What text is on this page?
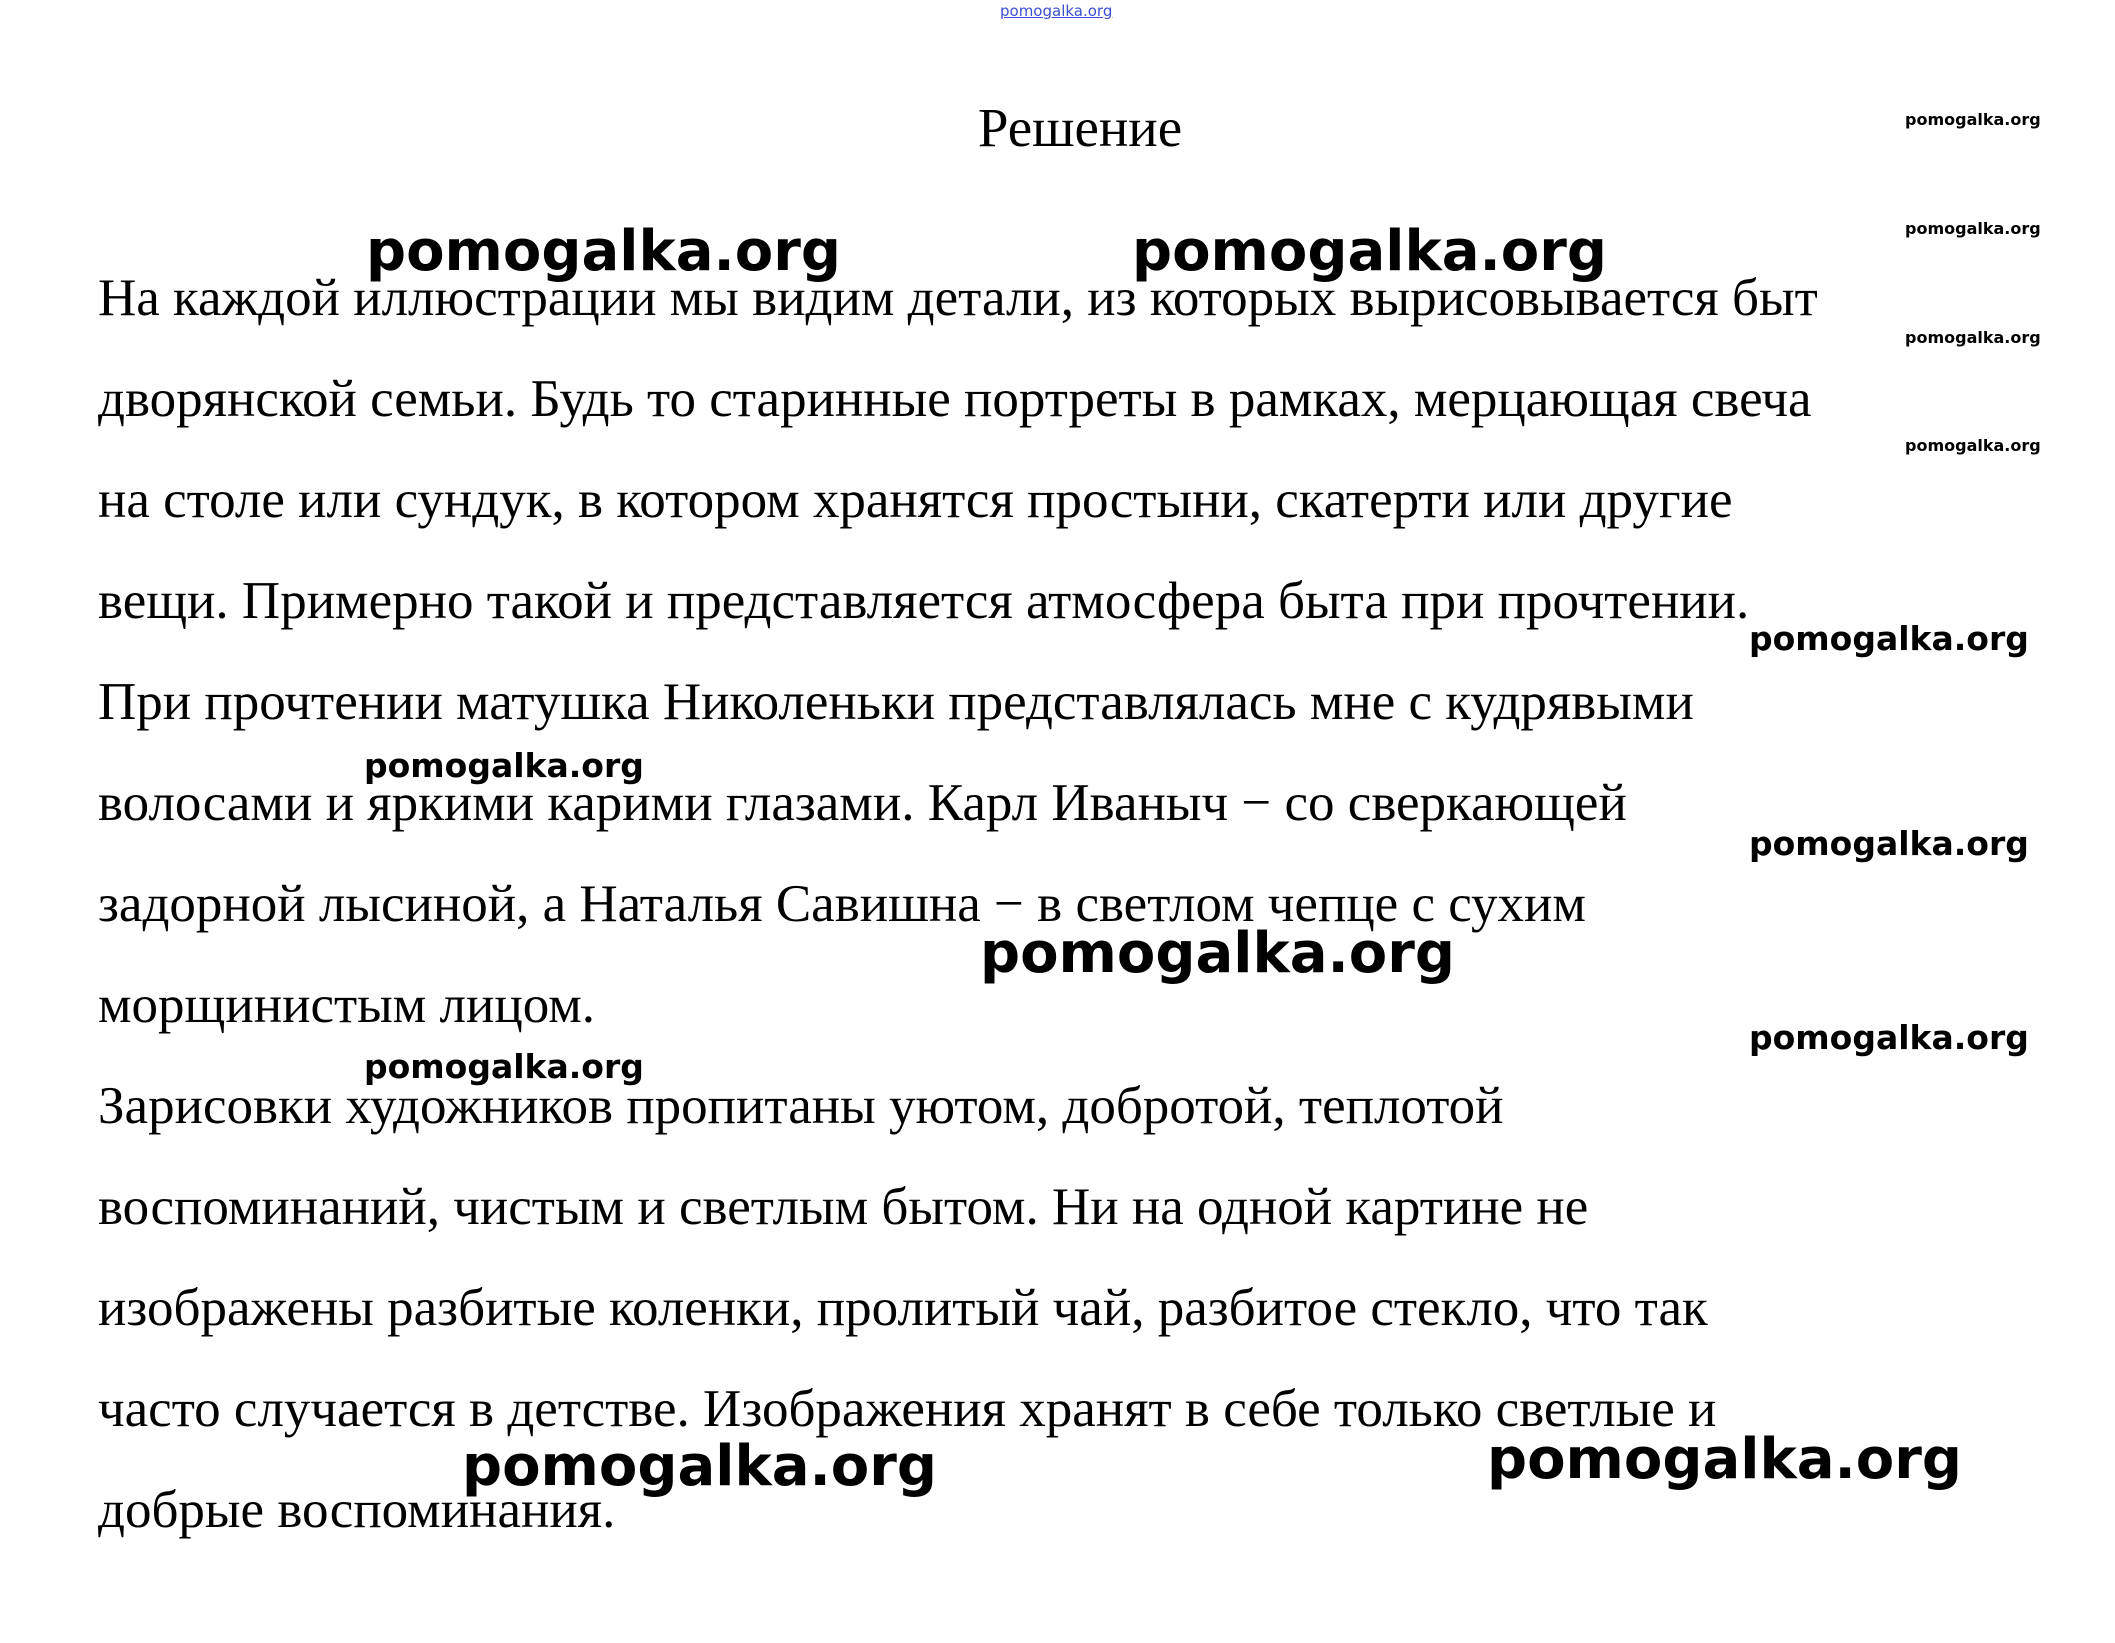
pomogalka.org
Решение
На каждой иллюстрации мы видим детали, из которых вырисовывается быт
дворянской семьи. Будь то старинные портреты в рамках, мерцающая свеча
на столе или сундук, в котором хранятся простыни, скатерти или другие
вещи. Примерно такой и представляется атмосфера быта при прочтении.
При прочтении матушка Николеньки представлялась мне с кудрявыми
волосами и яркими карими глазами. Карл Иваныч − со сверкающей
задорной лысиной, а Наталья Савишна − в светлом чепце с сухим
морщинистым лицом.
Зарисовки художников пропитаны уютом, добротой, теплотой
воспоминаний, чистым и светлым бытом. Ни на одной картине не
изображены разбитые коленки, пролитый чай, разбитое стекло, что так
часто случается в детстве. Изображения хранят в себе только светлые и
добрые воспоминания.
pomogalka.org	pomogalka.org
pomogalka.org
pomogalka.org	pomogalka.org
pomogalka.org
pomogalka.org
pomogalka.org
pomogalka.org
pomogalka.org
pomogalka.org
pomogalka.org
pomogalka.org
pomogalka.org
